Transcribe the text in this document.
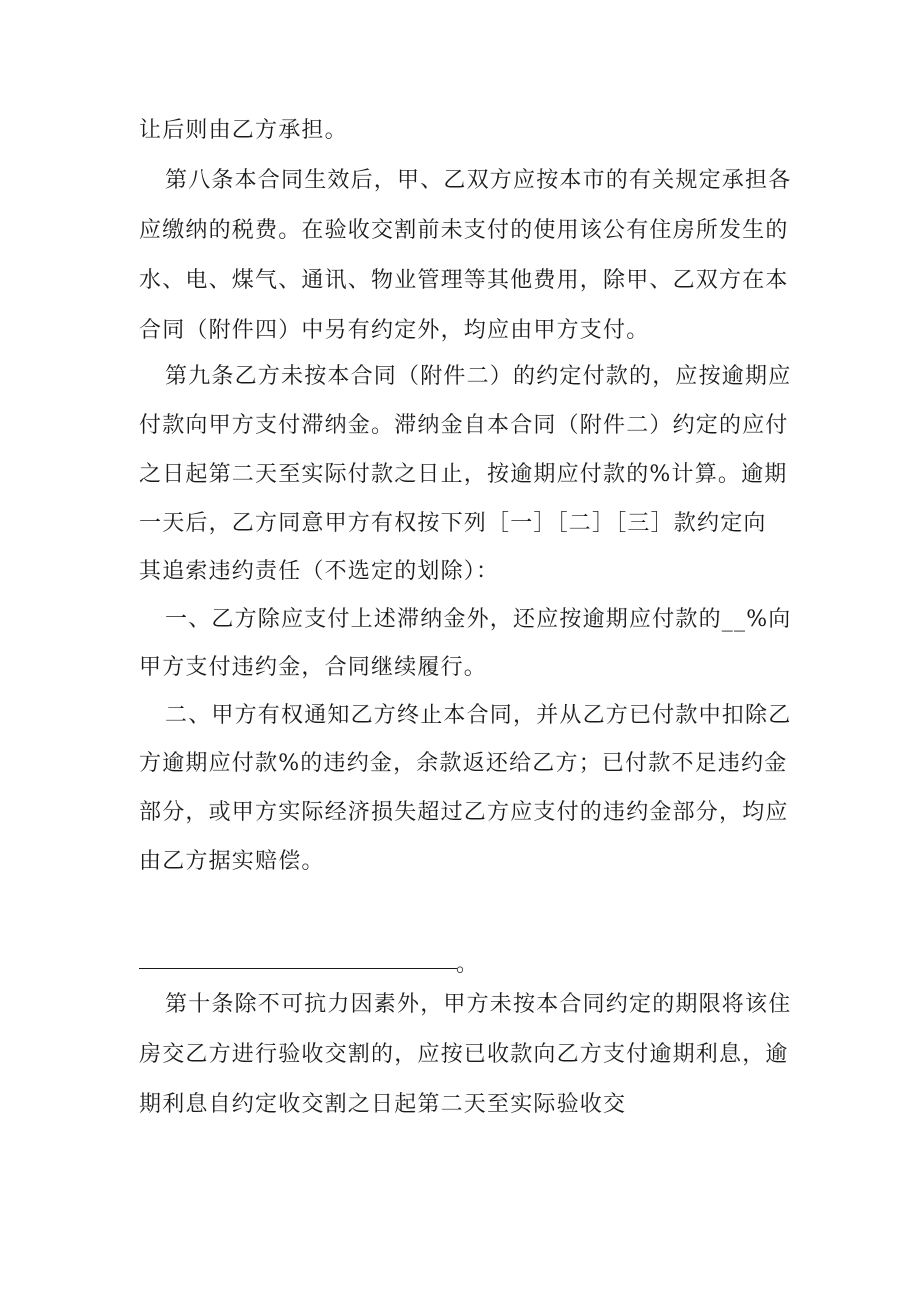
让后则由乙方承担。
第八条本合同生效后，甲、乙双方应按本市的有关规定承担各
应缴纳的税费。在验收交割前未支付的使用该公有住房所发生的
水、电、煤气、通讯、物业管理等其他费用，除甲、乙双方在本
合同（附件四）中另有约定外，均应由甲方支付。
第九条乙方未按本合同（附件二）的约定付款的，应按逾期应
付款向甲方支付滞纳金。滞纳金自本合同（附件二）约定的应付
之日起第二天至实际付款之日止，按逾期应付款的%计算。逾期
一天后，乙方同意甲方有权按下列［一］［二］［三］款约定向
其追索违约责任（不选定的划除）：
一、乙方除应支付上述滞纳金外，还应按逾期应付款的__%向
甲方支付违约金，合同继续履行。
二、甲方有权通知乙方终止本合同，并从乙方已付款中扣除乙
方逾期应付款%的违约金，余款返还给乙方；已付款不足违约金
部分，或甲方实际经济损失超过乙方应支付的违约金部分，均应
由乙方据实赔偿。
。
第十条除不可抗力因素外，甲方未按本合同约定的期限将该住
房交乙方进行验收交割的，应按已收款向乙方支付逾期利息，逾
期利息自约定收交割之日起第二天至实际验收交
